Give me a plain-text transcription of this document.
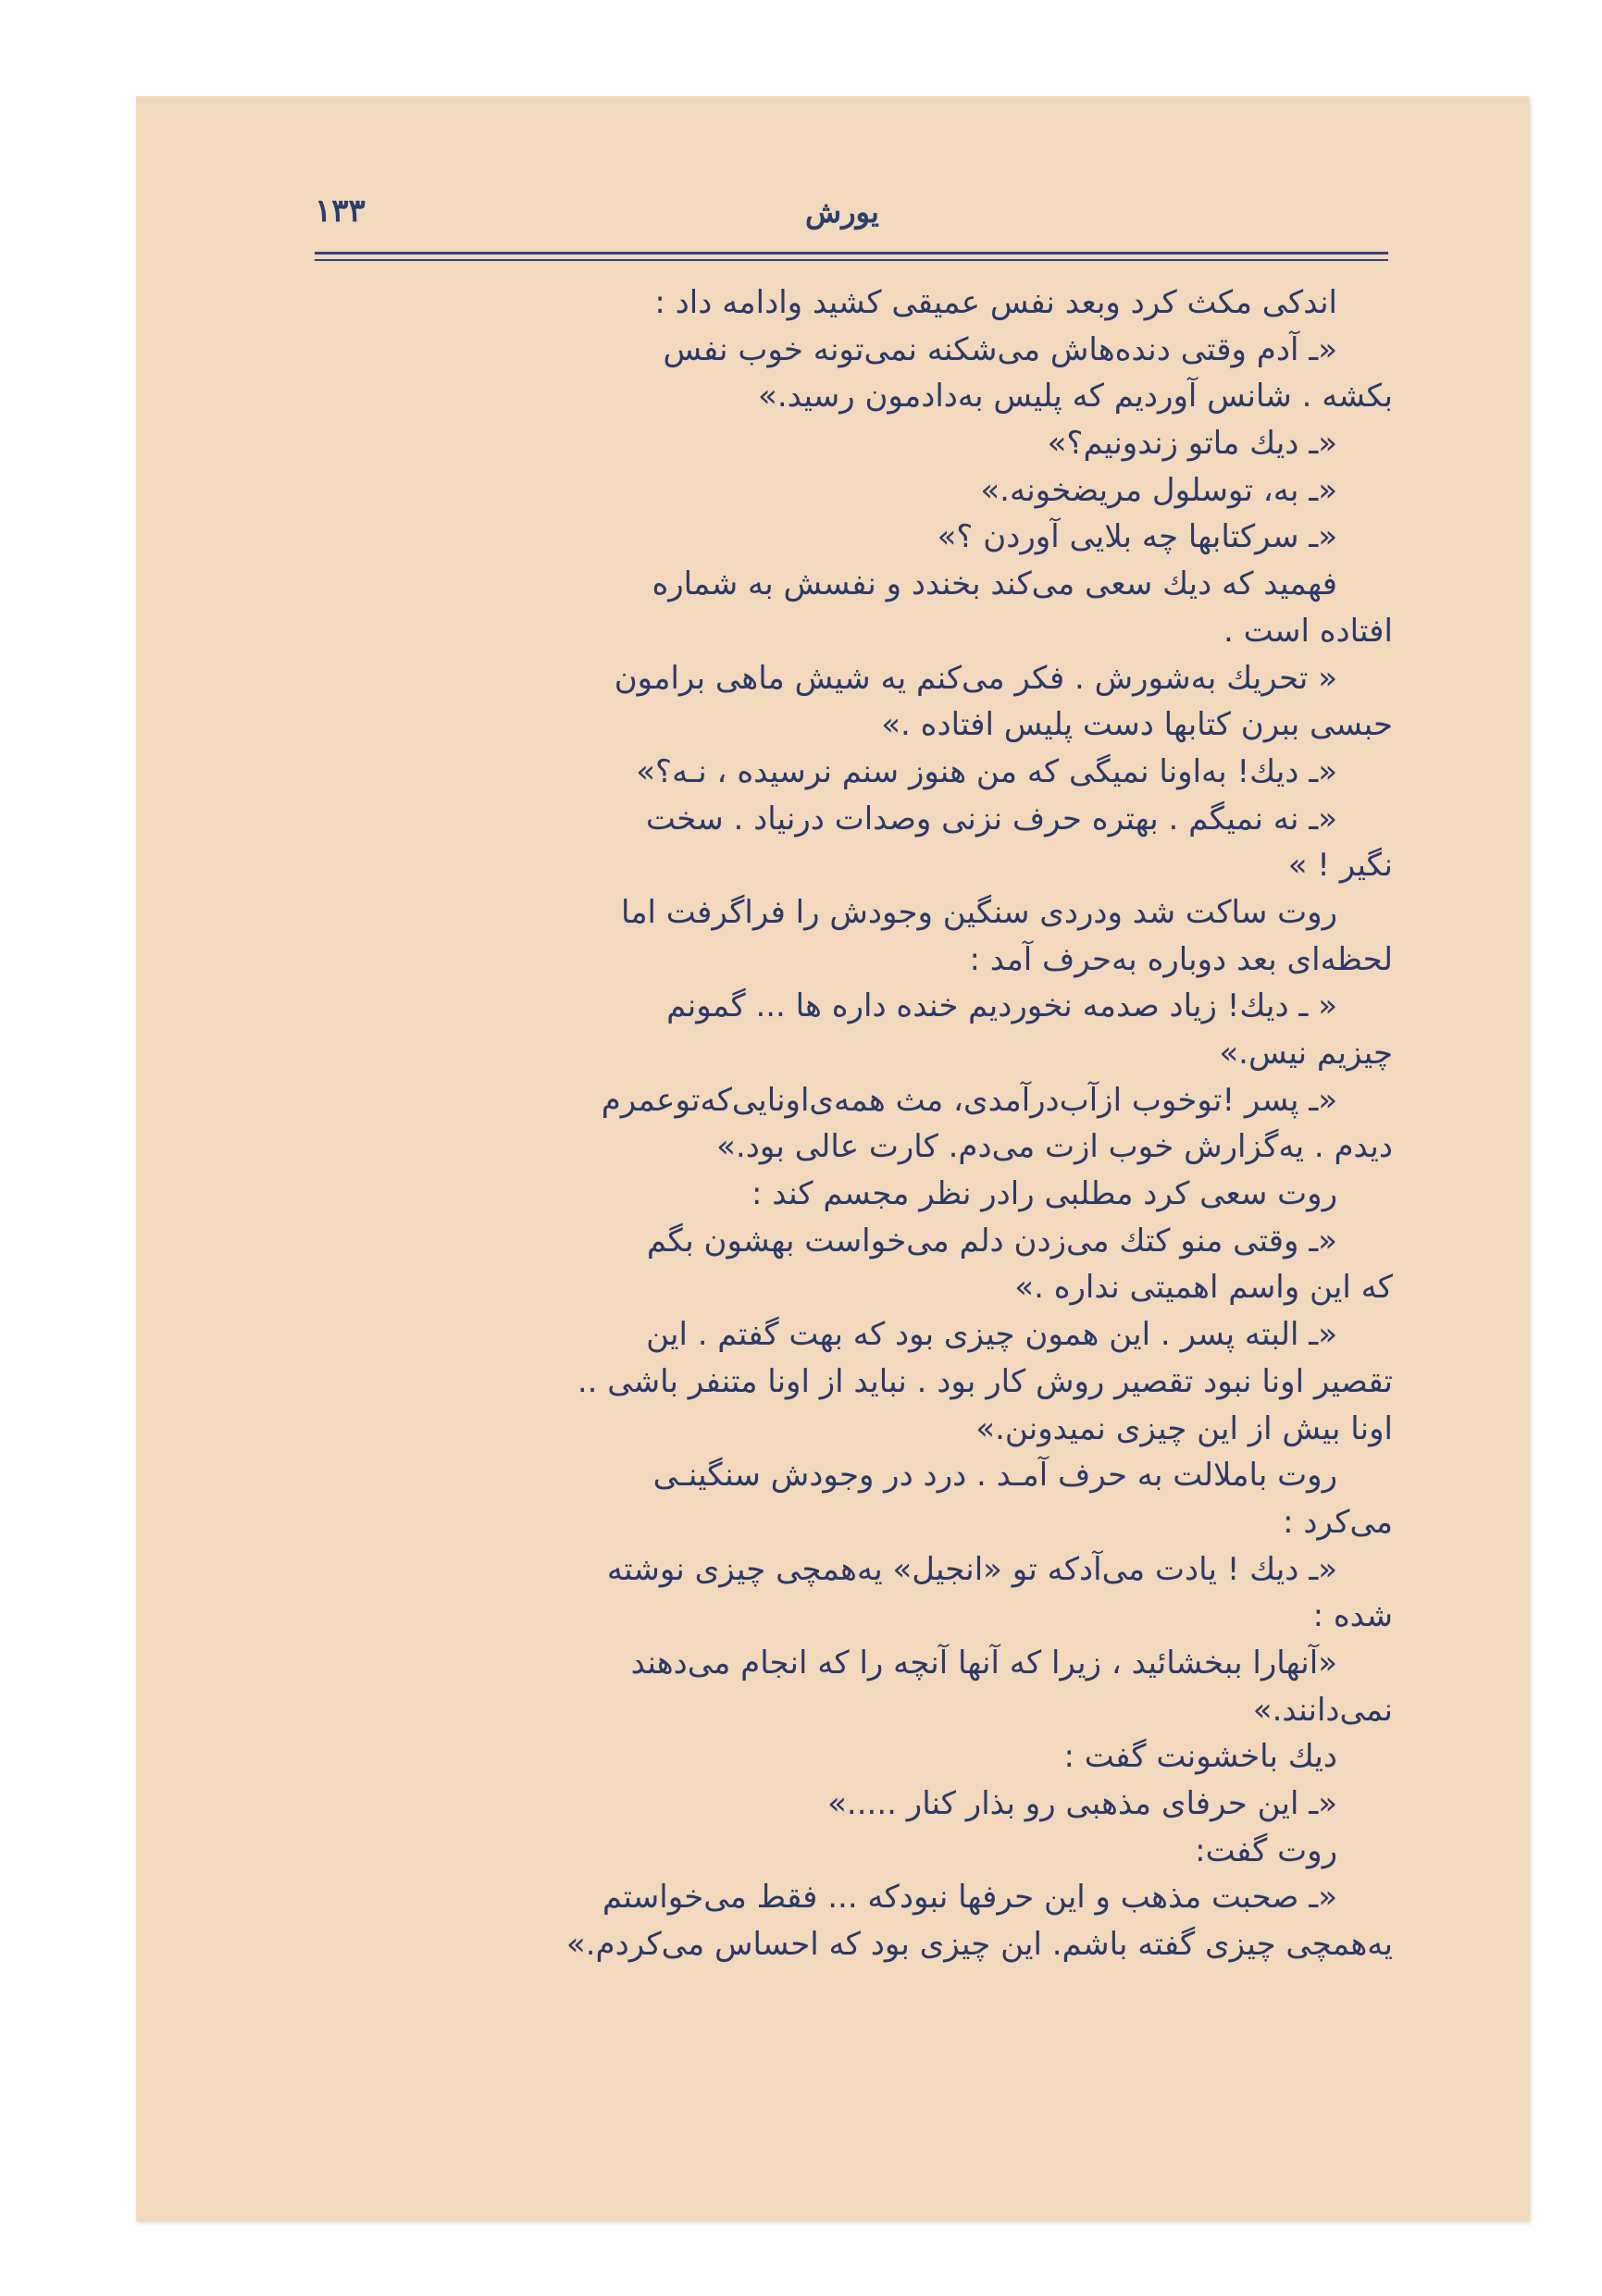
۱۳۳	یورش
اندکی مکث کرد وبعد نفس عمیقی کشید وادامه داد :
«ـ آدم وقتی دنده‌هاش می‌شکنه نمی‌تونه خوب نفس
بکشه . شانس آوردیم که پلیس به‌دادمون رسید.»
«ـ دیك ماتو زندونیم؟»
«ـ به، توسلول مریضخونه.»
«ـ سرکتابها چه بلایی آوردن ؟»
فهمید که دیك سعی می‌کند بخندد و نفسش به شماره
افتاده است .
« تحریك به‌شورش . فکر می‌کنم یه شیش ماهی برامون
حبسی ببرن کتابها دست پلیس افتاده .»
«ـ دیك! به‌اونا نمیگی که من هنوز سنم نرسیده ، نـه؟»
«ـ نه نمیگم . بهتره حرف نزنی وصدات درنیاد . سخت
نگیر ! »
روت ساکت شد ودردی سنگین وجودش را فراگرفت اما
لحظه‌ای بعد دوباره به‌حرف آمد :
« ـ دیك! زیاد صدمه نخوردیم خنده داره ها ... گمونم
چیزیم نیس.»
«ـ پسر !توخوب ازآب‌درآمدی، مث همه‌ی‌اونایی‌که‌توعمرم
دیدم . یه‌گزارش خوب ازت می‌دم. کارت عالی بود.»
روت سعی کرد مطلبی رادر نظر مجسم کند :
«ـ وقتی منو کتك می‌زدن دلم می‌خواست بهشون بگم
که این واسم اهمیتی نداره .»
«ـ البته پسر . این همون چیزی بود که بهت گفتم . این
تقصیر اونا نبود تقصیر روش کار بود . نباید از اونا متنفر باشی ..
اونا بیش از این چیزی نمیدونن.»
روت باملالت به حرف آمـد . درد در وجودش سنگینـی
می‌کرد :
«ـ دیك ! یادت می‌آدکه تو «انجیل» یه‌همچی چیزی نوشته
شده :
«آنهارا ببخشائید ، زیرا که آنها آنچه را که انجام می‌دهند
نمی‌دانند.»
دیك باخشونت گفت :
«ـ این حرفای مذهبی رو بذار کنار .....»
روت گفت:
«ـ صحبت مذهب و این حرفها نبودکه ... فقط می‌خواستم
یه‌همچی چیزی گفته باشم. این چیزی بود که احساس می‌کردم.»
